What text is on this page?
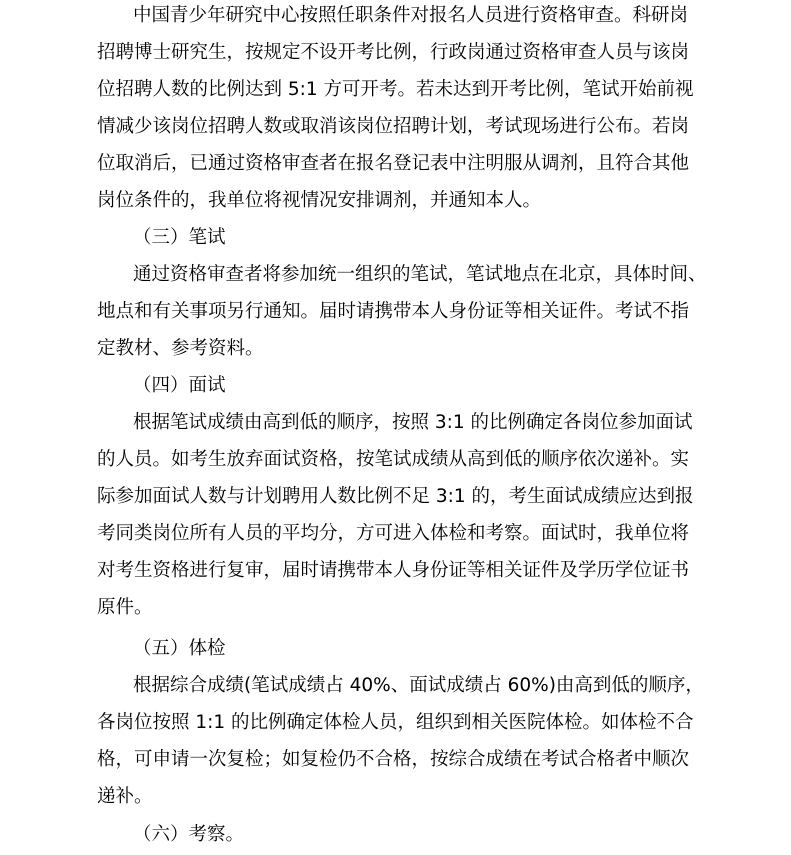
中国青少年研究中心按照任职条件对报名人员进行资格审查。科研岗
招聘博士研究生，按规定不设开考比例，行政岗通过资格审查人员与该岗
位招聘人数的比例达到 5:1 方可开考。若未达到开考比例，笔试开始前视
情减少该岗位招聘人数或取消该岗位招聘计划，考试现场进行公布。若岗
位取消后，已通过资格审查者在报名登记表中注明服从调剂，且符合其他
岗位条件的，我单位将视情况安排调剂，并通知本人。
（三）笔试
通过资格审查者将参加统一组织的笔试，笔试地点在北京，具体时间、
地点和有关事项另行通知。届时请携带本人身份证等相关证件。考试不指
定教材、参考资料。
（四）面试
根据笔试成绩由高到低的顺序，按照 3:1 的比例确定各岗位参加面试
的人员。如考生放弃面试资格，按笔试成绩从高到低的顺序依次递补。实
际参加面试人数与计划聘用人数比例不足 3:1 的，考生面试成绩应达到报
考同类岗位所有人员的平均分，方可进入体检和考察。面试时，我单位将
对考生资格进行复审，届时请携带本人身份证等相关证件及学历学位证书
原件。
（五）体检
根据综合成绩(笔试成绩占 40%、面试成绩占 60%)由高到低的顺序，
各岗位按照 1:1 的比例确定体检人员，组织到相关医院体检。如体检不合
格，可申请一次复检；如复检仍不合格，按综合成绩在考试合格者中顺次
递补。
（六）考察。
